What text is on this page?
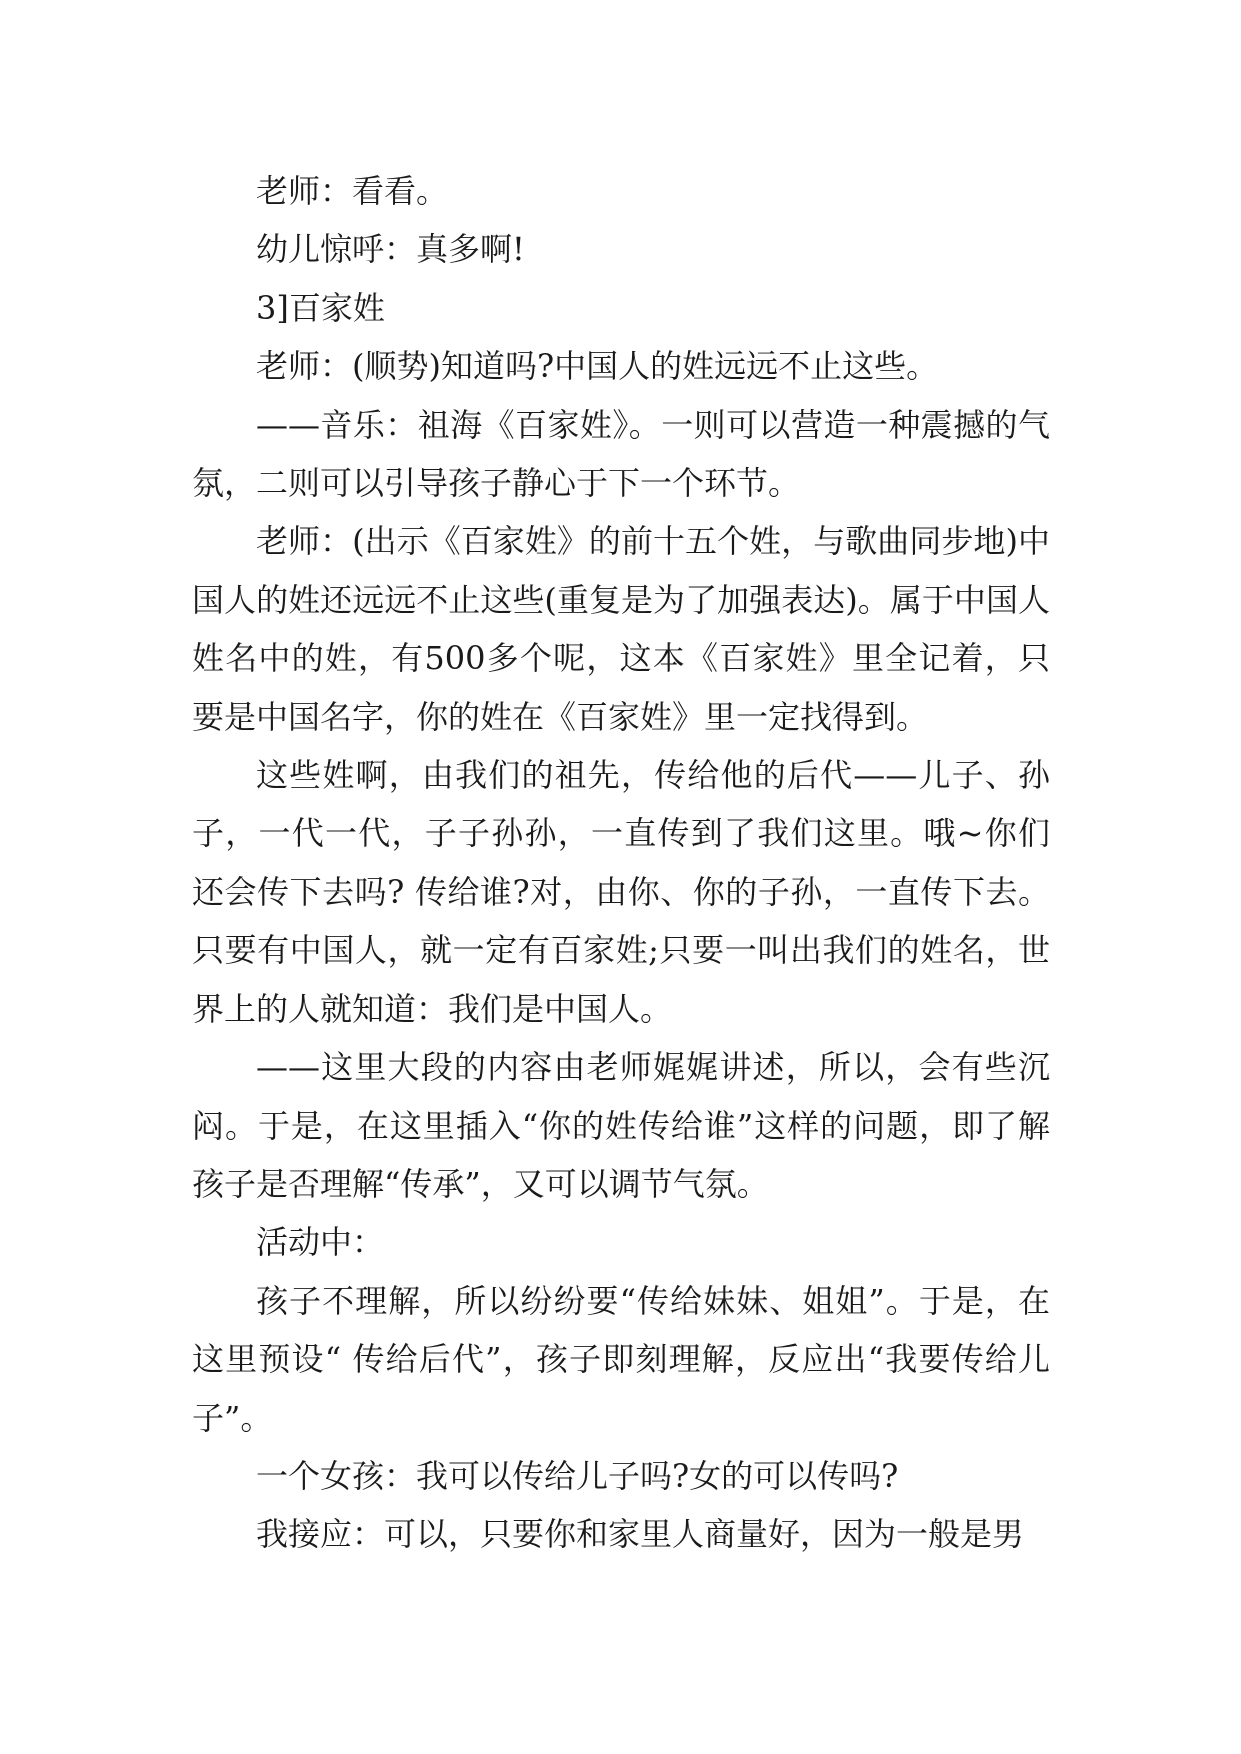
老师：看看。

幼儿惊呼：真多啊!

3]百家姓

老师：(顺势)知道吗?中国人的姓远远不止这些。

——音乐：祖海《百家姓》。一则可以营造一种震撼的气氛，二则可以引导孩子静心于下一个环节。

老师：(出示《百家姓》的前十五个姓，与歌曲同步地)中国人的姓还远远不止这些(重复是为了加强表达)。属于中国人姓名中的姓，有500多个呢，这本《百家姓》里全记着，只要是中国名字，你的姓在《百家姓》里一定找得到。

这些姓啊，由我们的祖先，传给他的后代——儿子、孙子，一代一代，子子孙孙，一直传到了我们这里。哦~你们还会传下去吗? 传给谁?对，由你、你的子孙，一直传下去。只要有中国人，就一定有百家姓;只要一叫出我们的姓名，世界上的人就知道：我们是中国人。

——这里大段的内容由老师娓娓讲述，所以，会有些沉闷。于是，在这里插入“你的姓传给谁”这样的问题，即了解孩子是否理解“传承”，又可以调节气氛。

活动中：

孩子不理解，所以纷纷要“传给妹妹、姐姐”。于是，在这里预设“ 传给后代”，孩子即刻理解，反应出“我要传给儿子”。

一个女孩：我可以传给儿子吗?女的可以传吗?

我接应：可以，只要你和家里人商量好，因为一般是男
